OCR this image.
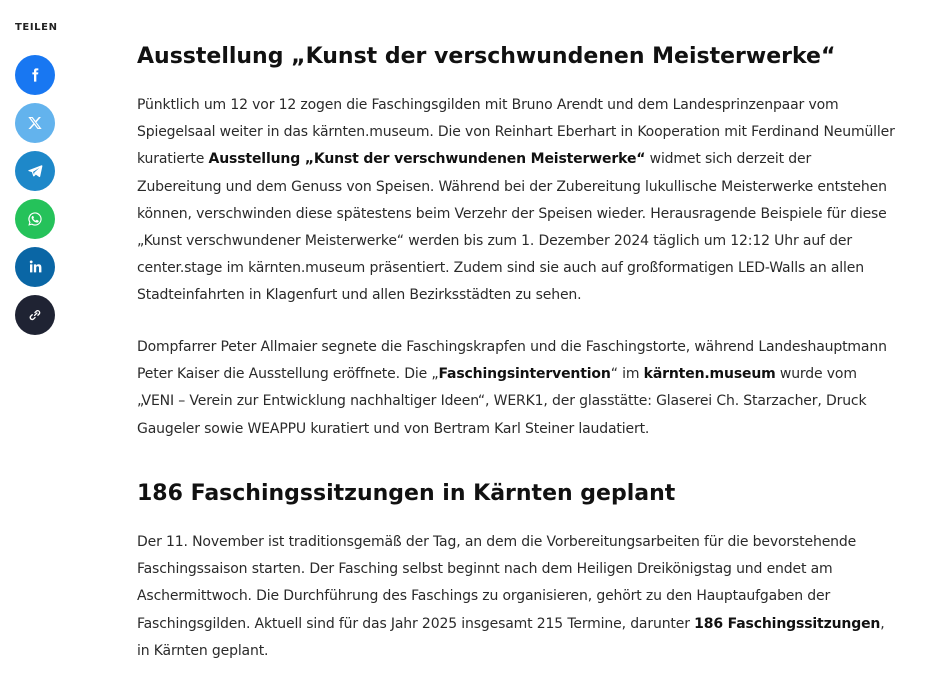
TEILEN
Ausstellung „Kunst der verschwundenen Meisterwerke“

Pünktlich um 12 vor 12 zogen die Faschingsgilden mit Bruno Arendt und dem Landesprinzenpaar vom Spiegelsaal weiter in das kärnten.museum. Die von Reinhart Eberhart in Kooperation mit Ferdinand Neumüller kuratierte Ausstellung „Kunst der verschwundenen Meisterwerke“ widmet sich derzeit der Zubereitung und dem Genuss von Speisen. Während bei der Zubereitung lukullische Meisterwerke entstehen können, verschwinden diese spätestens beim Verzehr der Speisen wieder. Herausragende Beispiele für diese „Kunst verschwundener Meisterwerke“ werden bis zum 1. Dezember 2024 täglich um 12:12 Uhr auf der center.stage im kärnten.museum präsentiert. Zudem sind sie auch auf großformatigen LED-Walls an allen Stadteinfahrten in Klagenfurt und allen Bezirksstädten zu sehen.

Dompfarrer Peter Allmaier segnete die Faschingskrapfen und die Faschingstorte, während Landeshauptmann Peter Kaiser die Ausstellung eröffnete. Die „Faschingsintervention“ im kärnten.museum wurde vom „VENI – Verein zur Entwicklung nachhaltiger Ideen“, WERK1, der glasstätte: Glaserei Ch. Starzacher, Druck Gaugeler sowie WEAPPU kuratiert und von Bertram Karl Steiner laudatiert.

186 Faschingssitzungen in Kärnten geplant

Der 11. November ist traditionsgemäß der Tag, an dem die Vorbereitungsarbeiten für die bevorstehende Faschingssaison starten. Der Fasching selbst beginnt nach dem Heiligen Dreikönigstag und endet am Aschermittwoch. Die Durchführung des Faschings zu organisieren, gehört zu den Hauptaufgaben der Faschingsgilden. Aktuell sind für das Jahr 2025 insgesamt 215 Termine, darunter 186 Faschingssitzungen, in Kärnten geplant.
